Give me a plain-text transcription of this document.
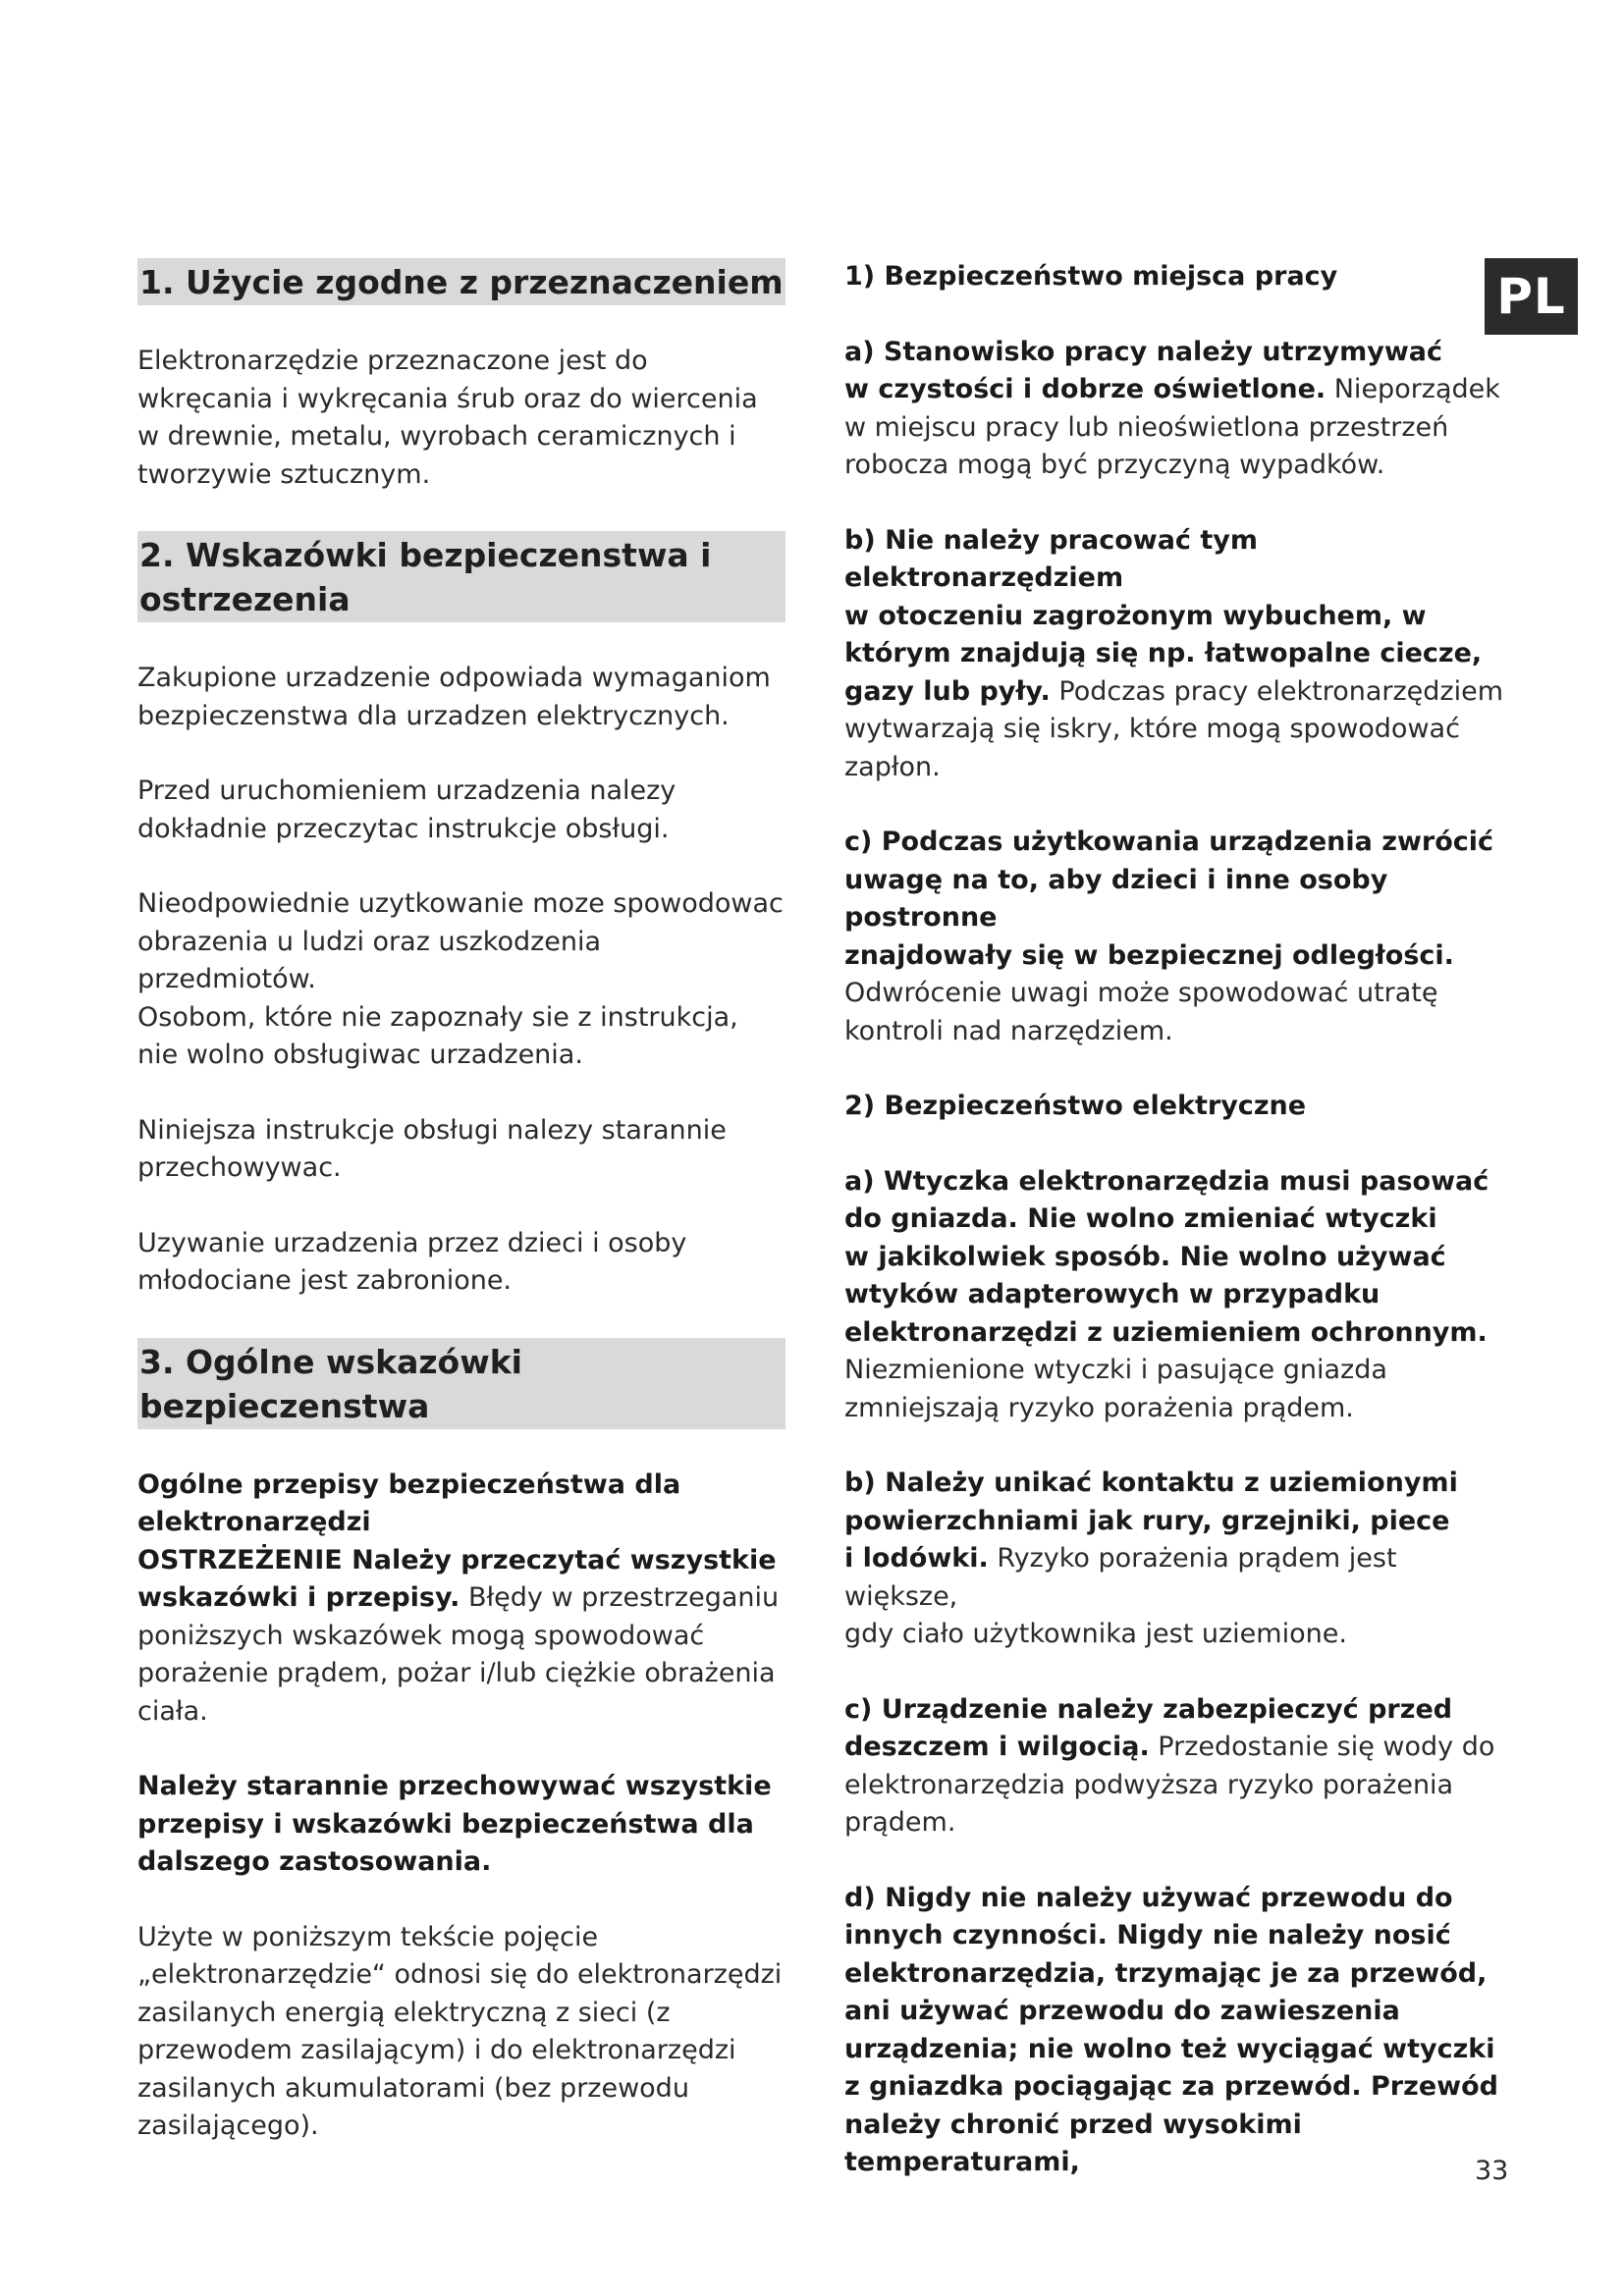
1. Użycie zgodne z przeznaczeniem

Elektronarzędzie przeznaczone jest do
wkręcania i wykręcania śrub oraz do wiercenia
w drewnie, metalu, wyrobach ceramicznych i
tworzywie sztucznym.

2. Wskazówki bezpieczenstwa i
ostrzezenia

Zakupione urzadzenie odpowiada wymaganiom
bezpieczenstwa dla urzadzen elektrycznych.

Przed uruchomieniem urzadzenia nalezy
dokładnie przeczytac instrukcje obsługi.

Nieodpowiednie uzytkowanie moze spowodowac
obrazenia u ludzi oraz uszkodzenia przedmiotów.
Osobom, które nie zapoznały sie z instrukcja,
nie wolno obsługiwac urzadzenia.

Niniejsza instrukcje obsługi nalezy starannie
przechowywac.

Uzywanie urzadzenia przez dzieci i osoby
młodociane jest zabronione.

3. Ogólne wskazówki bezpieczenstwa

Ogólne przepisy bezpieczeństwa dla
elektronarzędzi
OSTRZEŻENIE Należy przeczytać wszystkie
wskazówki i przepisy. Błędy w przestrzeganiu
poniższych wskazówek mogą spowodować
porażenie prądem, pożar i/lub ciężkie obrażenia
ciała.

Należy starannie przechowywać wszystkie
przepisy i wskazówki bezpieczeństwa dla
dalszego zastosowania.

Użyte w poniższym tekście pojęcie
„elektronarzędzie“ odnosi się do elektronarzędzi
zasilanych energią elektryczną z sieci (z
przewodem zasilającym) i do elektronarzędzi
zasilanych akumulatorami (bez przewodu
zasilającego).

1) Bezpieczeństwo miejsca pracy

a) Stanowisko pracy należy utrzymywać
w czystości i dobrze oświetlone. Nieporządek
w miejscu pracy lub nieoświetlona przestrzeń
robocza mogą być przyczyną wypadków.

b) Nie należy pracować tym elektronarzędziem
w otoczeniu zagrożonym wybuchem, w
którym znajdują się np. łatwopalne ciecze,
gazy lub pyły. Podczas pracy elektronarzędziem
wytwarzają się iskry, które mogą spowodować
zapłon.

c) Podczas użytkowania urządzenia zwrócić
uwagę na to, aby dzieci i inne osoby postronne
znajdowały się w bezpiecznej odległości.
Odwrócenie uwagi może spowodować utratę
kontroli nad narzędziem.

2) Bezpieczeństwo elektryczne

a) Wtyczka elektronarzędzia musi pasować
do gniazda. Nie wolno zmieniać wtyczki
w jakikolwiek sposób. Nie wolno używać
wtyków adapterowych w przypadku
elektronarzędzi z uziemieniem ochronnym.
Niezmienione wtyczki i pasujące gniazda
zmniejszają ryzyko porażenia prądem.

b) Należy unikać kontaktu z uziemionymi
powierzchniami jak rury, grzejniki, piece
i lodówki. Ryzyko porażenia prądem jest większe,
gdy ciało użytkownika jest uziemione.

c) Urządzenie należy zabezpieczyć przed
deszczem i wilgocią. Przedostanie się wody do
elektronarzędzia podwyższa ryzyko porażenia
prądem.

d) Nigdy nie należy używać przewodu do
innych czynności. Nigdy nie należy nosić
elektronarzędzia, trzymając je za przewód,
ani używać przewodu do zawieszenia
urządzenia; nie wolno też wyciągać wtyczki
z gniazdka pociągając za przewód. Przewód
należy chronić przed wysokimi temperaturami,

PL
33
